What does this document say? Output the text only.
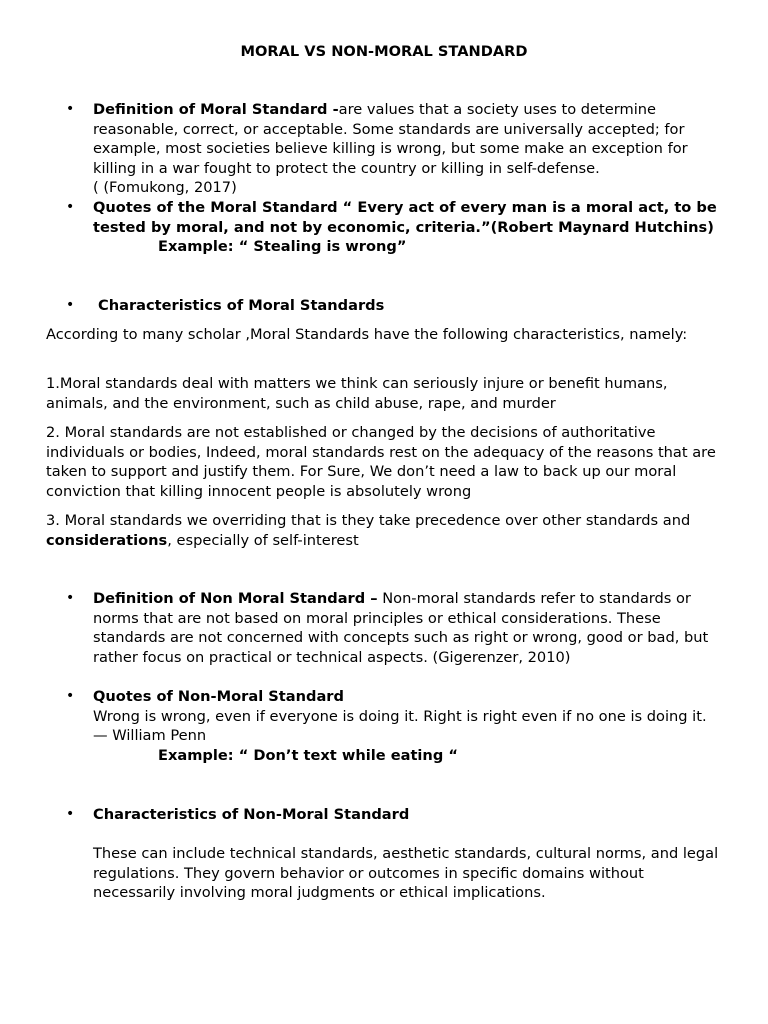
MORAL VS NON-MORAL STANDARD
• Definition of Moral Standard -are values that a society uses to determine reasonable, correct, or acceptable. Some standards are universally accepted; for example, most societies believe killing is wrong, but some make an exception for killing in a war fought to protect the country or killing in self-defense.

( (Fomukong, 2017)

• Quotes of the Moral Standard “ Every act of every man is a moral act, to be tested by moral, and not by economic, criteria.”(Robert Maynard Hutchins)

Example: “ Stealing is wrong”

• Characteristics of Moral Standards

According to many scholar ,Moral Standards have the following characteristics, namely:

1.Moral standards deal with matters we think can seriously injure or benefit humans, animals, and the environment, such as child abuse, rape, and murder

2. Moral standards are not established or changed by the decisions of authoritative individuals or bodies, Indeed, moral standards rest on the adequacy of the reasons that are taken to support and justify them. For Sure, We don’t need a law to back up our moral conviction that killing innocent people is absolutely wrong

3. Moral standards we overriding that is they take precedence over other standards and considerations, especially of self-interest

• Definition of Non Moral Standard – Non-moral standards refer to standards or norms that are not based on moral principles or ethical considerations. These standards are not concerned with concepts such as right or wrong, good or bad, but rather focus on practical or technical aspects. (Gigerenzer, 2010)

• Quotes of Non-Moral Standard

Wrong is wrong, even if everyone is doing it. Right is right even if no one is doing it.

— William Penn

Example: “ Don’t text while eating “

• Characteristics of Non-Moral Standard

These can include technical standards, aesthetic standards, cultural norms, and legal regulations. They govern behavior or outcomes in specific domains without necessarily involving moral judgments or ethical implications.
